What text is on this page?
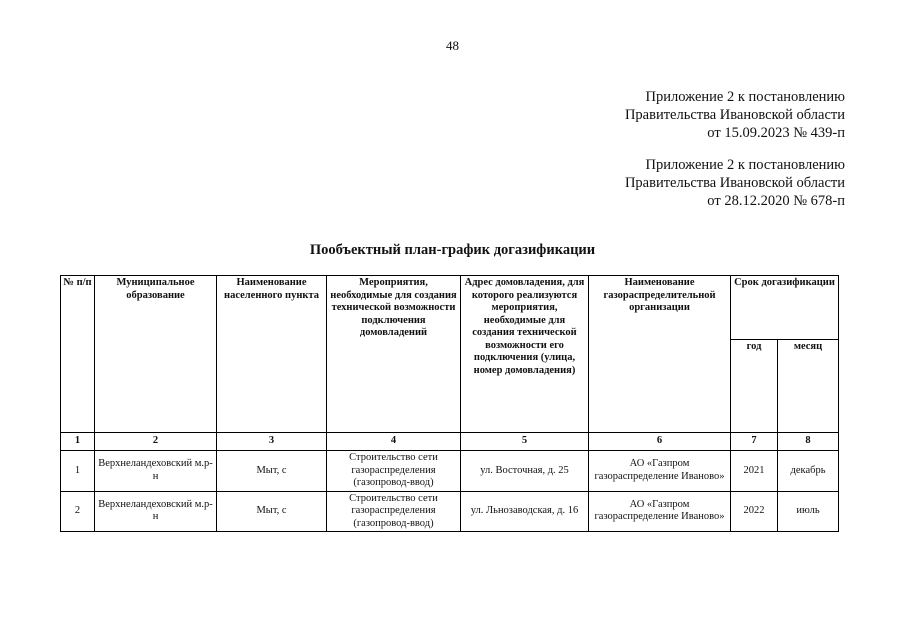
48
Приложение 2 к постановлению
Правительства Ивановской области
от 15.09.2023 № 439-п
Приложение 2 к постановлению
Правительства Ивановской области
от 28.12.2020 № 678-п
Пообъектный план-график догазификации
№ п/п	Муниципальное образование	Наименование населенного пункта	Мероприятия, необходимые для создания технической возможности подключения домовладений	Адрес домовладения, для которого реализуются мероприятия, необходимые для создания технической возможности его подключения (улица, номер домовладения)	Наименование газораспределительной организации	Срок догазификации	
						год	месяц
1	2	3	4	5	6	7	8
1	Верхнеландеховский м.р-н	Мыт, с	Строительство сети газораспределения (газопровод-ввод)	ул. Восточная, д. 25	АО «Газпром газораспределение Иваново»	2021	декабрь
2	Верхнеландеховский м.р-н	Мыт, с	Строительство сети газораспределения (газопровод-ввод)	ул. Льнозаводская, д. 16	АО «Газпром газораспределение Иваново»	2022	июль
